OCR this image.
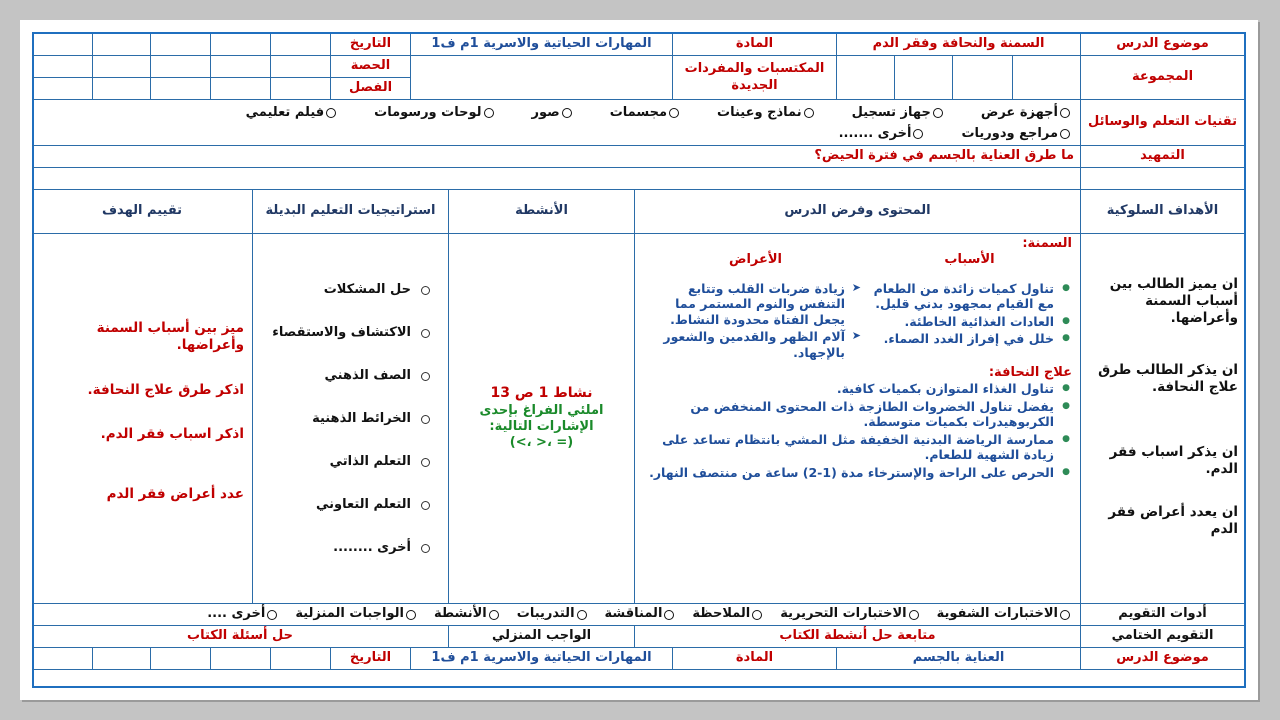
موضوع الدرس
السمنة والنحافة وفقر الدم
المادة
المهارات الحياتية والاسرية 1م ف1
التاريخ
المجموعة
المكتسبات والمفردات الجديدة
الحصة
الفصل
تقنيات التعلم والوسائل
أجهزة عرض
جهاز تسجيل
نماذج وعينات
مجسمات
صور
لوحات ورسومات
فيلم تعليمي
مراجع ودوريات
أخرى .......
التمهيد
ما طرق العناية بالجسم في فترة الحيض؟
الأهداف السلوكية
المحتوى وفرض الدرس
الأنشطة
استراتيجيات التعليم البديلة
تقييم الهدف
ان يميز الطالب بين أسباب السمنة وأعراضها.
ان يذكر الطالب طرق علاج النحافة.
ان يذكر اسباب فقر الدم.
ان يعدد أعراض فقر الدم
السمنة:
الأسباب
● تناول كميات زائدة من الطعام مع القيام بمجهود بدني قليل.
● العادات الغذائية الخاطئة.
● خلل في إفراز الغدد الصماء.
الأعراض
➤ زيادة ضربات القلب وتتابع التنفس والنوم المستمر مما يجعل الفتاة محدودة النشاط.
➤ آلام الظهر والقدمين والشعور بالإجهاد.
علاج النحافة:
● تناول الغذاء المتوازن بكميات كافية.
● يفضل تناول الخضروات الطازجة ذات المحتوى المنخفض من الكربوهيدرات بكميات متوسطة.
● ممارسة الرياضة البدنية الخفيفة مثل المشي بانتظام تساعد على زيادة الشهية للطعام.
● الحرص على الراحة والإسترخاء مدة (1-2) ساعة من منتصف النهار.
نشاط 1 ص 13
املئي الفراغ بإحدى الإشارات التالية:
(= ،< ،>)
حل المشكلات
الاكتشاف والاستقصاء
الصف الذهني
الخرائط الذهنية
التعلم الذاتي
التعلم التعاوني
أخرى ........
ميز بين أسباب السمنة وأعراضها.
اذكر طرق علاج النحافة.
اذكر اسباب فقر الدم.
عدد أعراض فقر الدم
أدوات التقويم
الاختبارات الشفوية
الاختبارات التحريرية
الملاحظة
المناقشة
التدريبات
الأنشطة
الواجبات المنزلية
أخرى ....
التقويم الختامي
متابعة حل أنشطة الكتاب
الواجب المنزلي
حل أسئلة الكتاب
موضوع الدرس
العناية بالجسم
المادة
المهارات الحياتية والاسرية 1م ف1
التاريخ
